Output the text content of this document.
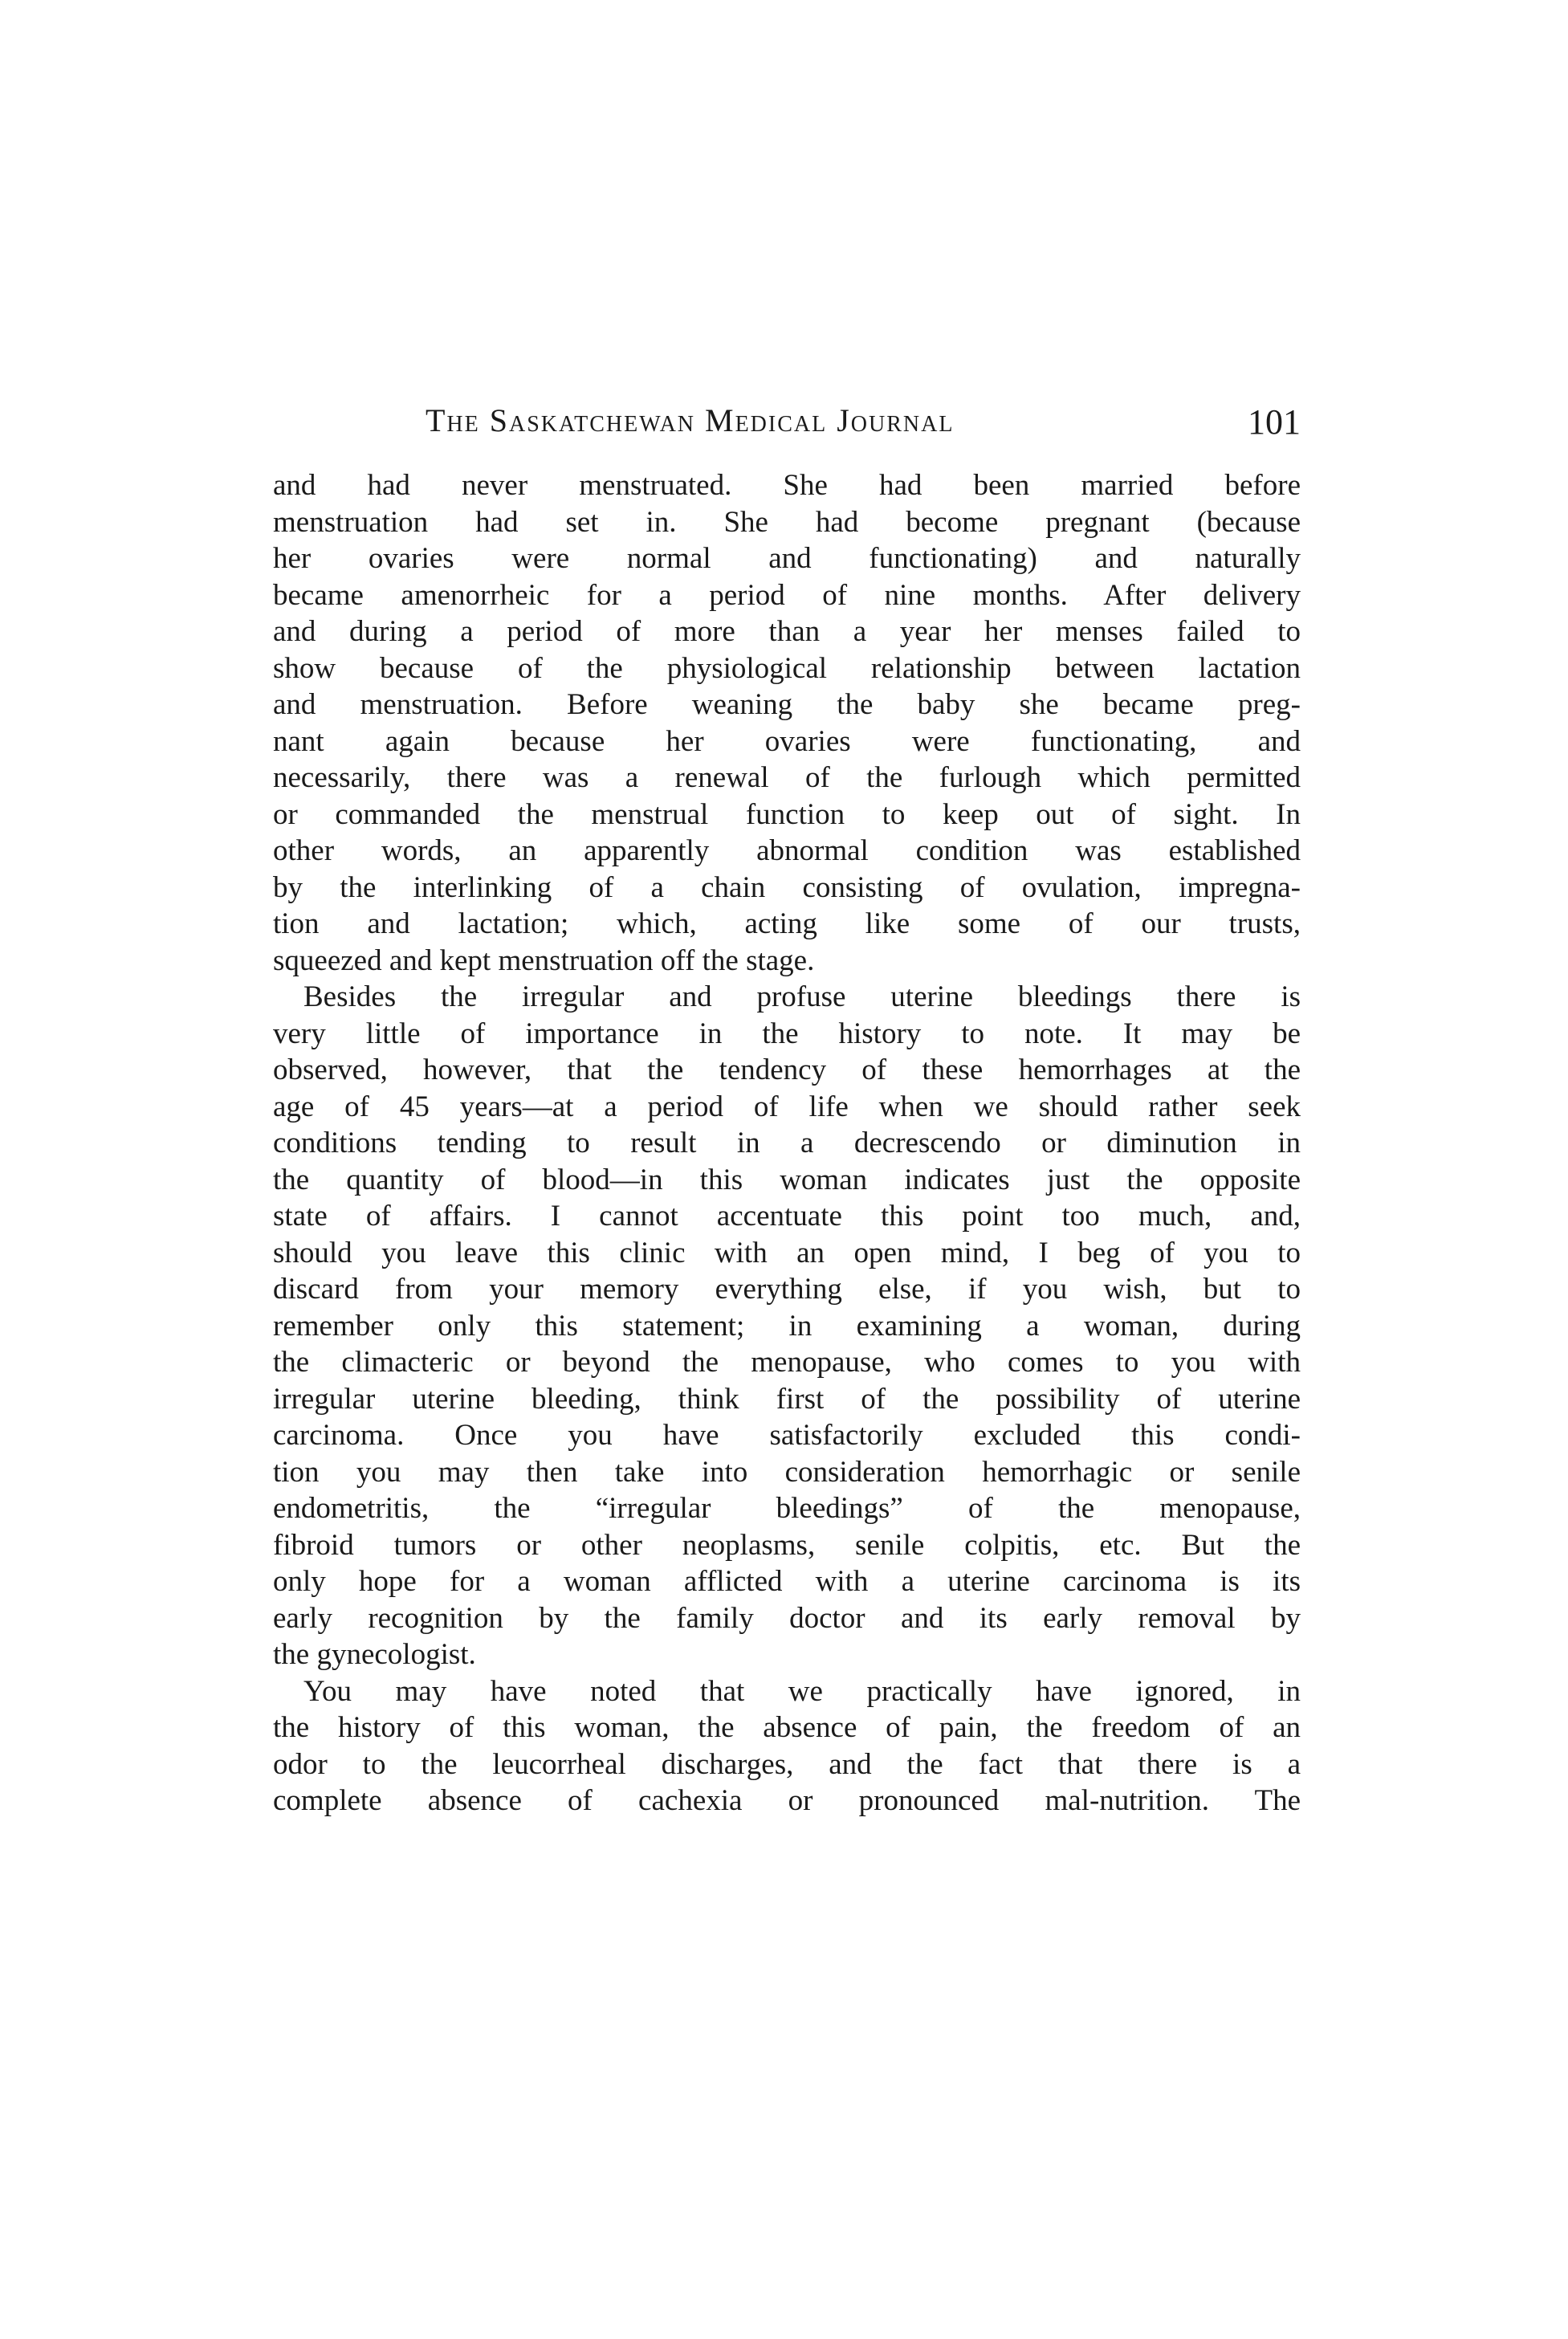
The Saskatchewan Medical Journal	101
and had never menstruated. She had been married before
menstruation had set in. She had become pregnant (because
her ovaries were normal and functionating) and naturally
became amenorrheic for a period of nine months. After delivery
and during a period of more than a year her menses failed to
show because of the physiological relationship between lactation
and menstruation. Before weaning the baby she became preg-
nant again because her ovaries were functionating, and
necessarily, there was a renewal of the furlough which permitted
or commanded the menstrual function to keep out of sight. In
other words, an apparently abnormal condition was established
by the interlinking of a chain consisting of ovulation, impregna-
tion and lactation; which, acting like some of our trusts,
squeezed and kept menstruation off the stage.
Besides the irregular and profuse uterine bleedings there is
very little of importance in the history to note. It may be
observed, however, that the tendency of these hemorrhages at the
age of 45 years—at a period of life when we should rather seek
conditions tending to result in a decrescendo or diminution in
the quantity of blood—in this woman indicates just the opposite
state of affairs. I cannot accentuate this point too much, and,
should you leave this clinic with an open mind, I beg of you to
discard from your memory everything else, if you wish, but to
remember only this statement; in examining a woman, during
the climacteric or beyond the menopause, who comes to you with
irregular uterine bleeding, think first of the possibility of uterine
carcinoma. Once you have satisfactorily excluded this condi-
tion you may then take into consideration hemorrhagic or senile
endometritis, the “irregular bleedings” of the menopause,
fibroid tumors or other neoplasms, senile colpitis, etc. But the
only hope for a woman afflicted with a uterine carcinoma is its
early recognition by the family doctor and its early removal by
the gynecologist.
You may have noted that we practically have ignored, in
the history of this woman, the absence of pain, the freedom of an
odor to the leucorrheal discharges, and the fact that there is a
complete absence of cachexia or pronounced mal-nutrition. The
